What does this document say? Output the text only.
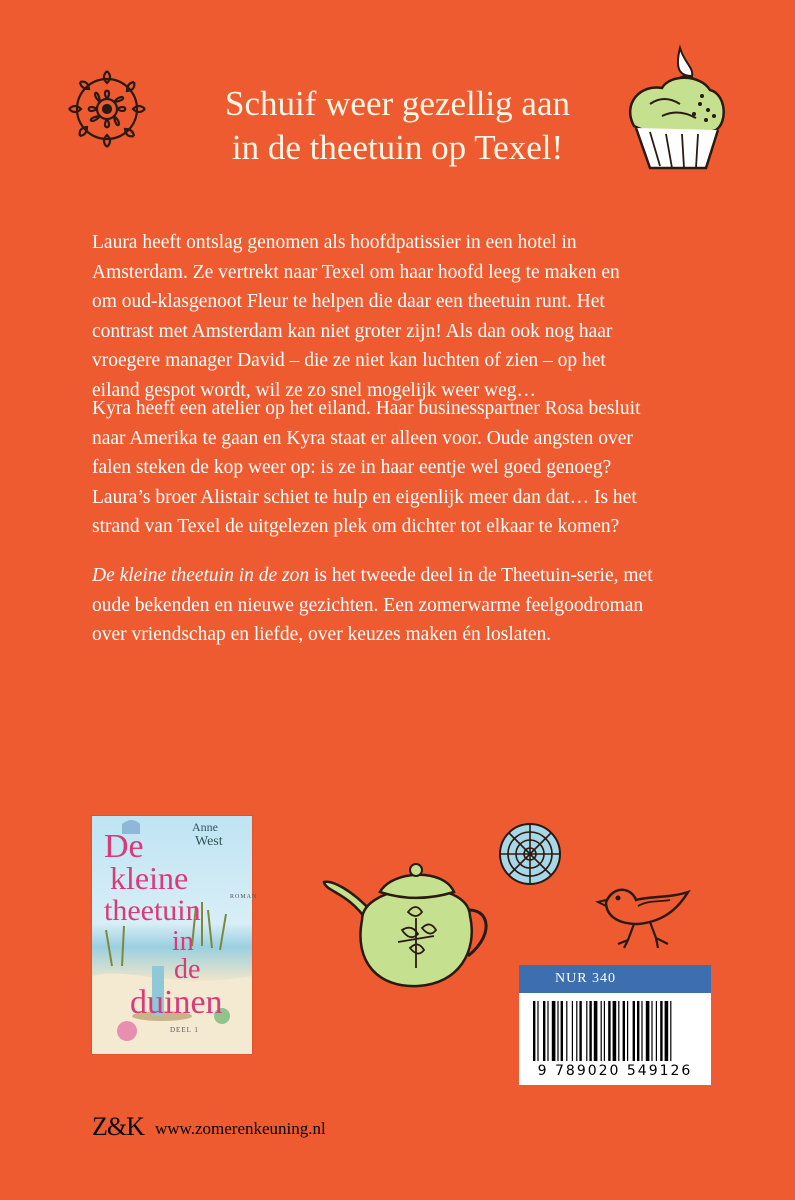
Schuif weer gezellig aan
in de theetuin op Texel!
Laura heeft ontslag genomen als hoofdpatissier in een hotel in
Amsterdam. Ze vertrekt naar Texel om haar hoofd leeg te maken en
om oud-klasgenoot Fleur te helpen die daar een theetuin runt. Het
contrast met Amsterdam kan niet groter zijn! Als dan ook nog haar
vroegere manager David – die ze niet kan luchten of zien – op het
eiland gespot wordt, wil ze zo snel mogelijk weer weg…
Kyra heeft een atelier op het eiland. Haar businesspartner Rosa besluit
naar Amerika te gaan en Kyra staat er alleen voor. Oude angsten over
falen steken de kop weer op: is ze in haar eentje wel goed genoeg?
Laura’s broer Alistair schiet te hulp en eigenlijk meer dan dat… Is het
strand van Texel de uitgelezen plek om dichter tot elkaar te komen?
De kleine theetuin in de zon is het tweede deel in de Theetuin-serie, met
oude bekenden en nieuwe gezichten. Een zomerwarme feelgoodroman
over vriendschap en liefde, over keuzes maken én loslaten.
Anne
West
De
kleine
theetuin
in
de
duinen
ROMAN
DEEL 1
NUR 340
9 789020 549126
Z&K www.zomerenkeuning.nl
